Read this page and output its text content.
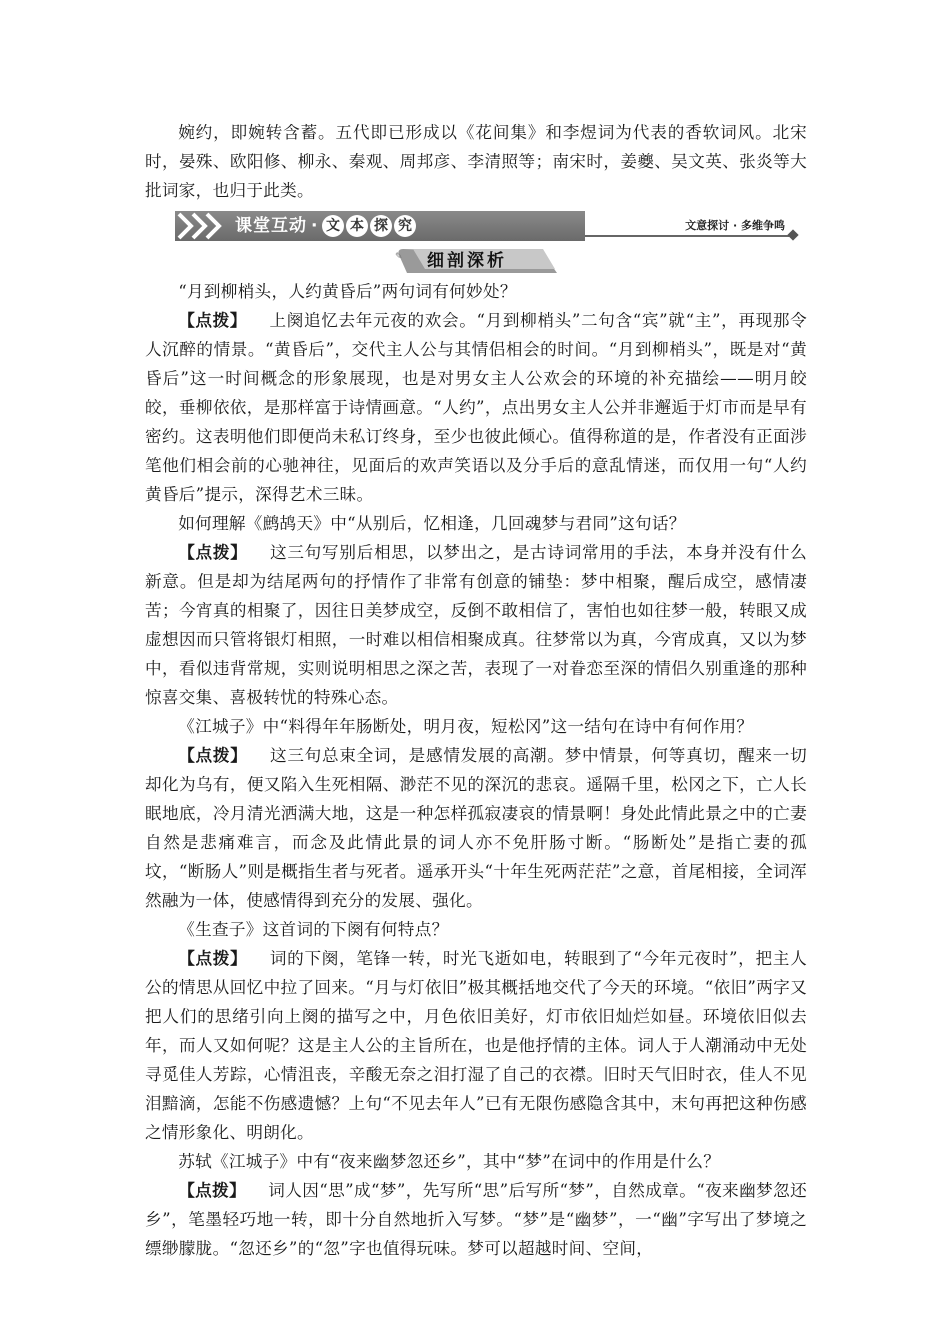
婉约，即婉转含蓄。五代即已形成以《花间集》和李煜词为代表的香软词风。北宋时，晏殊、欧阳修、柳永、秦观、周邦彦、李清照等；南宋时，姜夔、吴文英、张炎等大批词家，也归于此类。

课堂互动 · 文 本 探 究	文意探讨 · 多维争鸣
✎ 细剖深析

“月到柳梢头，人约黄昏后”两句词有何妙处？

【点拨】 上阕追忆去年元夜的欢会。“月到柳梢头”二句含“宾”就“主”，再现那令人沉醉的情景。“黄昏后”，交代主人公与其情侣相会的时间。“月到柳梢头”，既是对“黄昏后”这一时间概念的形象展现，也是对男女主人公欢会的环境的补充描绘——明月皎皎，垂柳依依，是那样富于诗情画意。“人约”，点出男女主人公并非邂逅于灯市而是早有密约。这表明他们即便尚未私订终身，至少也彼此倾心。值得称道的是，作者没有正面涉笔他们相会前的心驰神往，见面后的欢声笑语以及分手后的意乱情迷，而仅用一句“人约黄昏后”提示，深得艺术三昧。

如何理解《鹧鸪天》中“从别后，忆相逢，几回魂梦与君同”这句话？

【点拨】 这三句写别后相思，以梦出之，是古诗词常用的手法，本身并没有什么新意。但是却为结尾两句的抒情作了非常有创意的铺垫：梦中相聚，醒后成空，感情凄苦；今宵真的相聚了，因往日美梦成空，反倒不敢相信了，害怕也如往梦一般，转眼又成虚想因而只管将银灯相照，一时难以相信相聚成真。往梦常以为真，今宵成真，又以为梦中，看似违背常规，实则说明相思之深之苦，表现了一对眷恋至深的情侣久别重逢的那种惊喜交集、喜极转忧的特殊心态。

《江城子》中“料得年年肠断处，明月夜，短松冈”这一结句在诗中有何作用？

【点拨】 这三句总束全词，是感情发展的高潮。梦中情景，何等真切，醒来一切却化为乌有，便又陷入生死相隔、渺茫不见的深沉的悲哀。遥隔千里，松冈之下，亡人长眠地底，冷月清光洒满大地，这是一种怎样孤寂凄哀的情景啊！身处此情此景之中的亡妻自然是悲痛难言，而念及此情此景的词人亦不免肝肠寸断。“肠断处”是指亡妻的孤坟，“断肠人”则是概指生者与死者。遥承开头“十年生死两茫茫”之意，首尾相接，全词浑然融为一体，使感情得到充分的发展、强化。

《生查子》这首词的下阕有何特点？

【点拨】 词的下阕，笔锋一转，时光飞逝如电，转眼到了“今年元夜时”，把主人公的情思从回忆中拉了回来。“月与灯依旧”极其概括地交代了今天的环境。“依旧”两字又把人们的思绪引向上阕的描写之中，月色依旧美好，灯市依旧灿烂如昼。环境依旧似去年，而人又如何呢？这是主人公的主旨所在，也是他抒情的主体。词人于人潮涌动中无处寻觅佳人芳踪，心情沮丧，辛酸无奈之泪打湿了自己的衣襟。旧时天气旧时衣，佳人不见泪黯滴，怎能不伤感遗憾？上句“不见去年人”已有无限伤感隐含其中，末句再把这种伤感之情形象化、明朗化。

苏轼《江城子》中有“夜来幽梦忽还乡”，其中“梦”在词中的作用是什么？

【点拨】 词人因“思”成“梦”，先写所“思”后写所“梦”，自然成章。“夜来幽梦忽还乡”，笔墨轻巧地一转，即十分自然地折入写梦。“梦”是“幽梦”，一“幽”字写出了梦境之缥缈朦胧。“忽还乡”的“忽”字也值得玩味。梦可以超越时间、空间，
